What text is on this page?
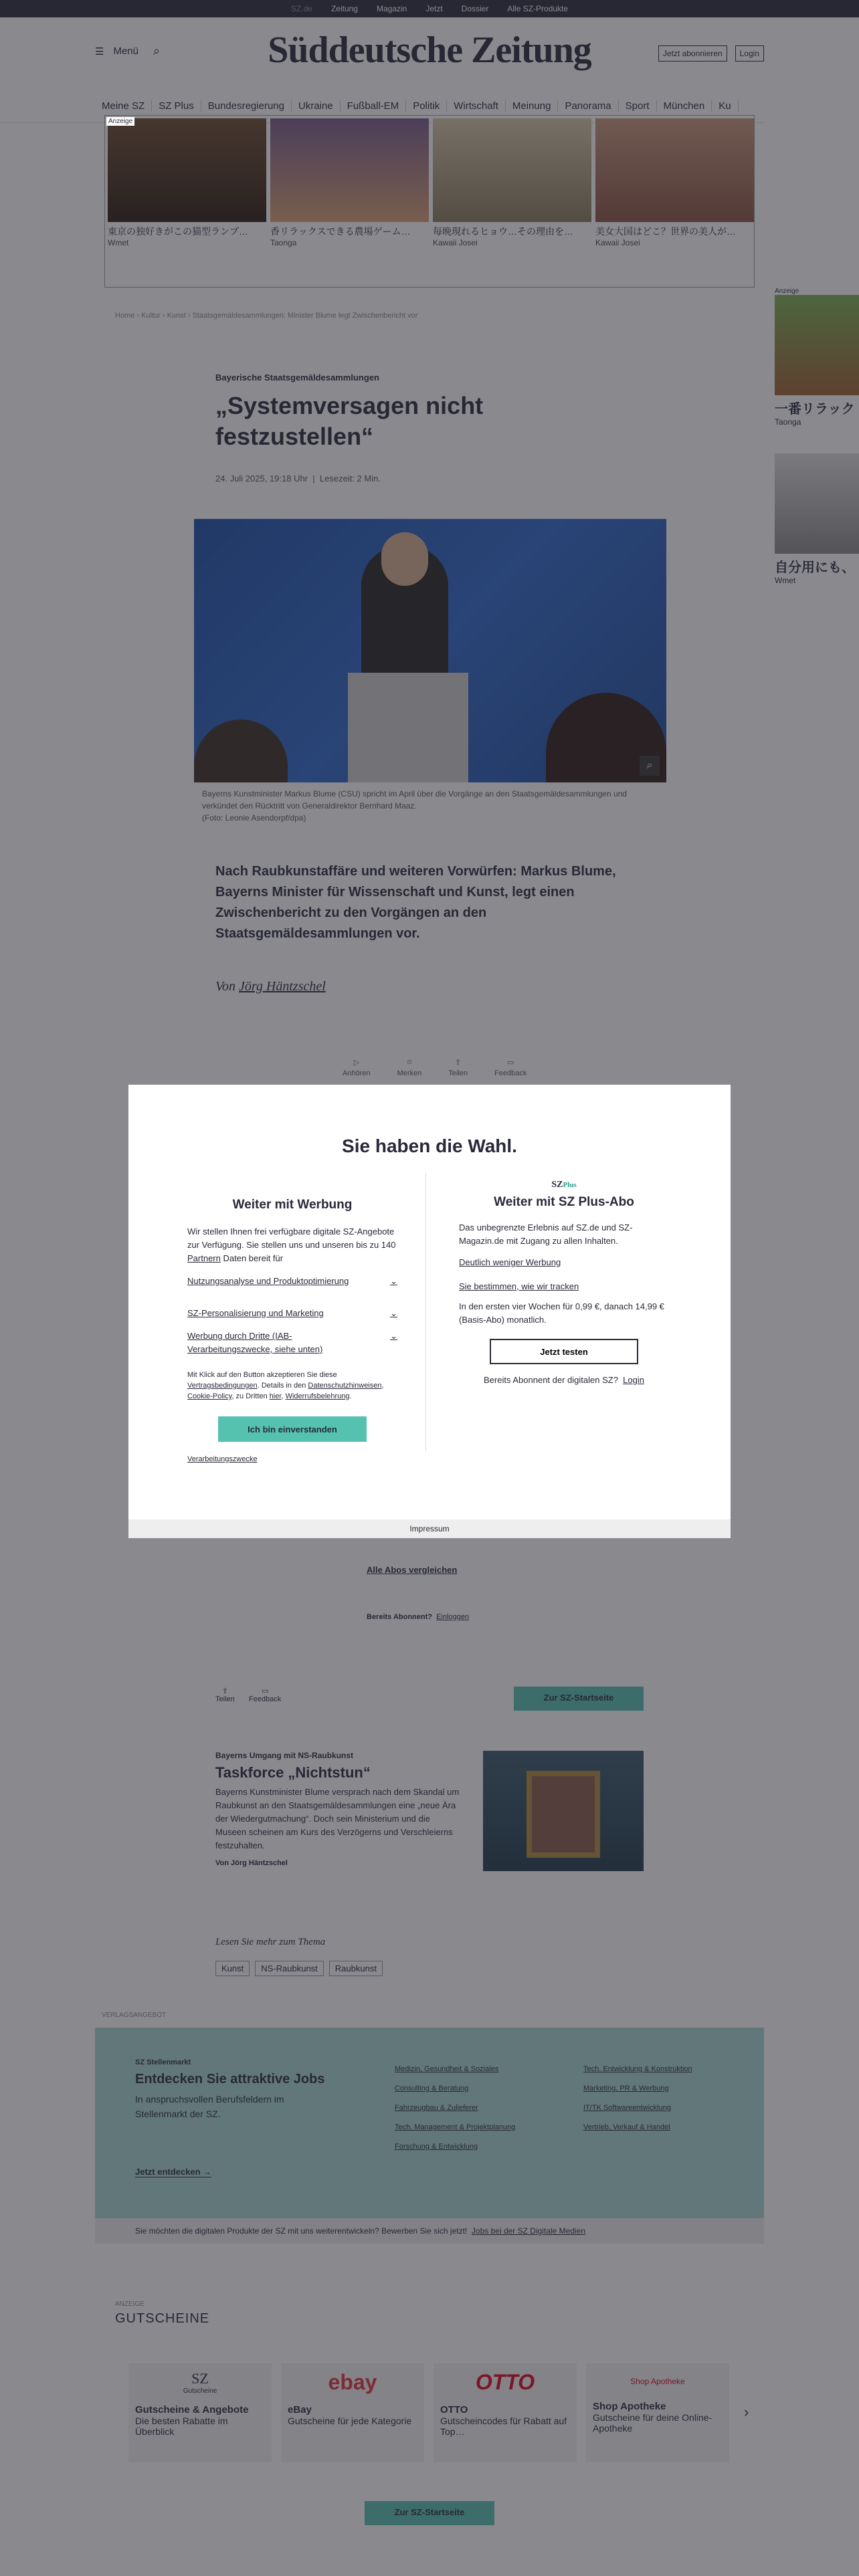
Anzeige

Sie haben die Wahl.
Weiter mit Werbung

Wir stellen Ihnen frei verfügbare digitale SZ-Angebote zur Verfügung. Sie stellen uns und unseren bis zu 140 Partnern Daten bereit für

Nutzungsanalyse und Produktoptimierung	⌄
SZ-Personalisierung und Marketing	⌄
Werbung durch Dritte (IAB-Verarbeitungszwecke, siehe unten)
⌄

Mit Klick auf den Button akzeptieren Sie diese Vertragsbedingungen. Details in den Datenschutzhinweisen, Cookie-Policy, zu Dritten hier, Widerrufsbelehrung.

Ich bin einverstanden
Verarbeitungszwecke
SZPlus
Weiter mit SZ Plus-Abo

Das unbegrenzte Erlebnis auf SZ.de und SZ-Magazin.de mit Zugang zu allen Inhalten.

Deutlich weniger Werbung

Sie bestimmen, wie wir tracken

In den ersten vier Wochen für 0,99 €, danach 14,99 € (Basis-Abo) monatlich.

Jetzt testen

Bereits Abonnent der digitalen SZ? Login

Impressum
